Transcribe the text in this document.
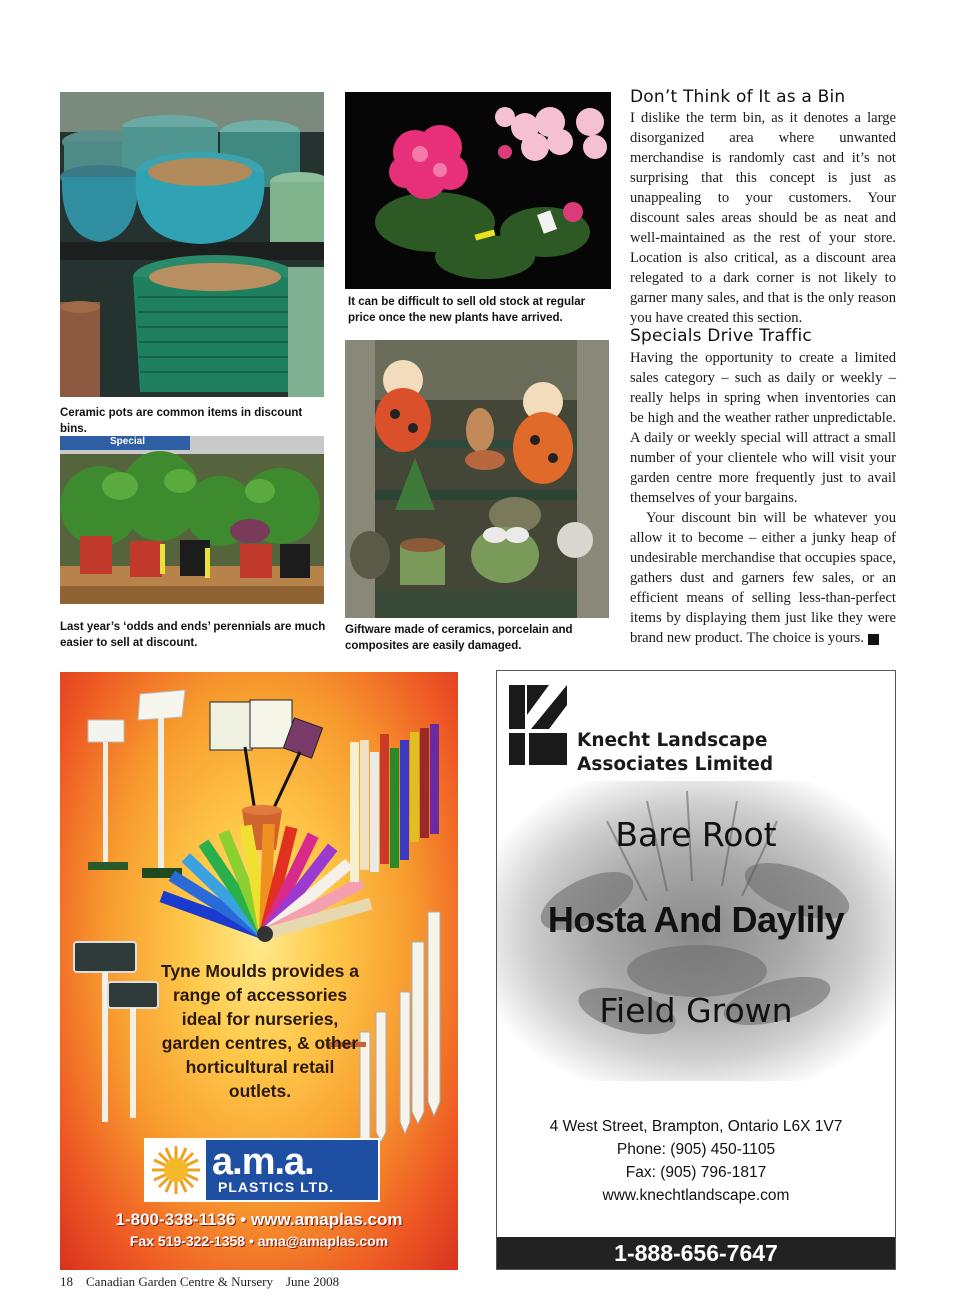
Ceramic pots are common items in discount bins.
It can be difficult to sell old stock at regular price once the new plants have arrived.
Special
Last year’s ‘odds and ends’ perennials are much easier to sell at discount.
Giftware made of ceramics, porcelain and composites are easily damaged.
Don’t Think of It as a Bin

I dislike the term bin, as it denotes a large disorganized area where unwanted merchandise is randomly cast and it’s not surprising that this concept is just as unappealing to your customers. Your discount sales areas should be as neat and well-maintained as the rest of your store. Location is also critical, as a discount area relegated to a dark corner is not likely to garner many sales, and that is the only reason you have created this section.

Specials Drive Traffic

Having the opportunity to create a limited sales category – such as daily or weekly – really helps in spring when inventories can be high and the weather rather unpredictable. A daily or weekly special will attract a small number of your clientele who will visit your garden centre more frequently just to avail themselves of your bargains.

Your discount bin will be whatever you allow it to become – either a junky heap of undesirable merchandise that occupies space, gathers dust and garners few sales, or an efficient means of selling less-than-perfect items by displaying them just like they were brand new product. The choice is yours.	SC

Tyne Moulds provides a range of accessories ideal for nurseries, garden centres, & other horticultural retail outlets.
a.m.a.
PLASTICS LTD.
1-800-338-1136 • www.amaplas.com
Fax 519-322-1358 • ama@amaplas.com
Knecht Landscape
Associates Limited
Bare Root
Hosta And Daylily
Field Grown
4 West Street, Brampton, Ontario L6X 1V7
Phone: (905) 450-1105
Fax: (905) 796-1817
www.knechtlandscape.com
1-888-656-7647
18 Canadian Garden Centre & Nursery June 2008
